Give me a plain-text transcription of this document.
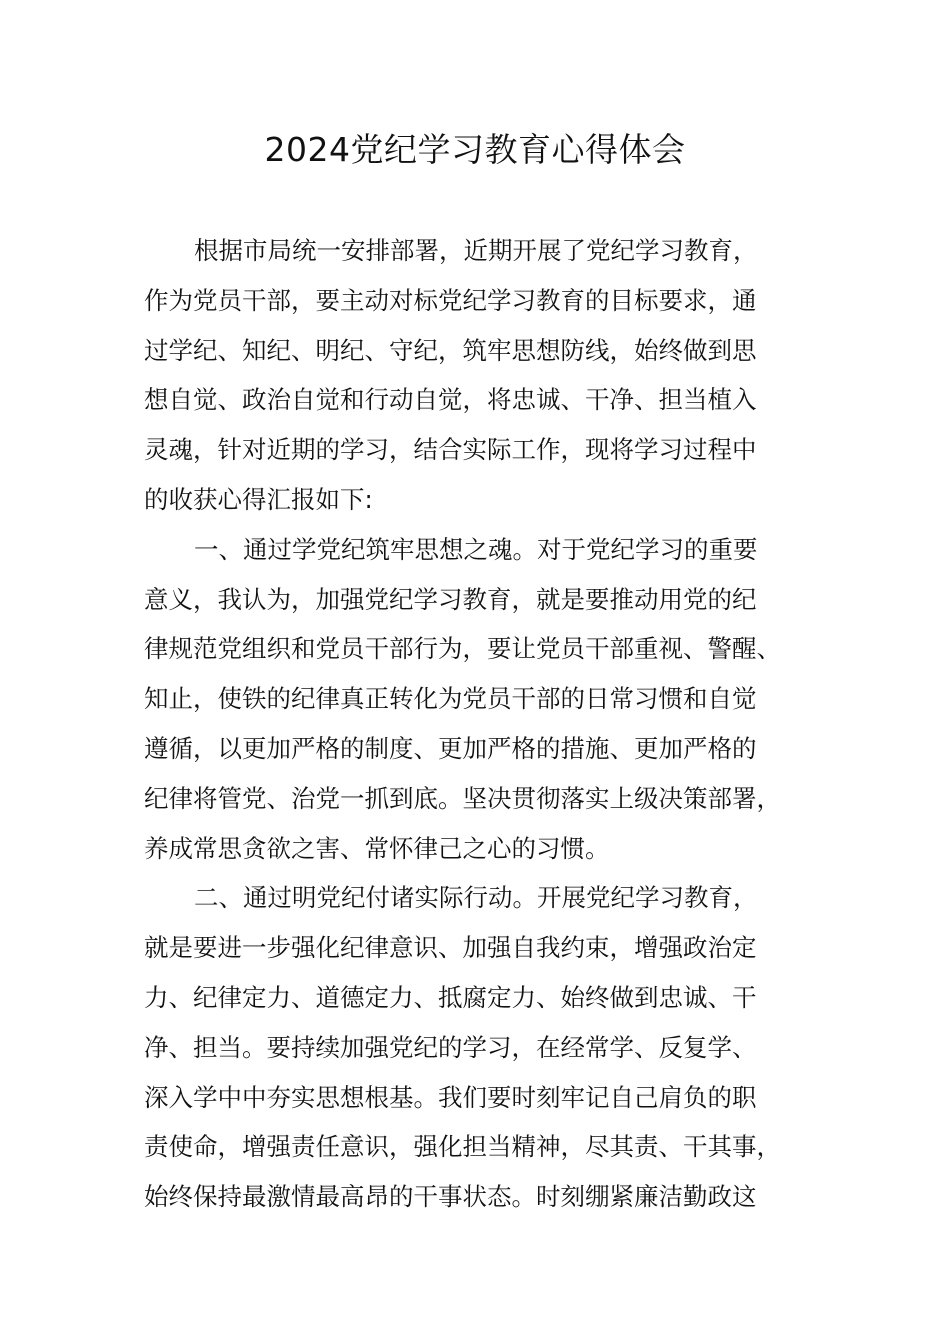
2024党纪学习教育心得体会
根据市局统一安排部署，近期开展了党纪学习教育，
作为党员干部，要主动对标党纪学习教育的目标要求，通
过学纪、知纪、明纪、守纪，筑牢思想防线，始终做到思
想自觉、政治自觉和行动自觉，将忠诚、干净、担当植入
灵魂，针对近期的学习，结合实际工作，现将学习过程中
的收获心得汇报如下:
一、通过学党纪筑牢思想之魂。对于党纪学习的重要
意义，我认为，加强党纪学习教育，就是要推动用党的纪
律规范党组织和党员干部行为，要让党员干部重视、警醒、
知止，使铁的纪律真正转化为党员干部的日常习惯和自觉
遵循，以更加严格的制度、更加严格的措施、更加严格的
纪律将管党、治党一抓到底。坚决贯彻落实上级决策部署，
养成常思贪欲之害、常怀律己之心的习惯。
二、通过明党纪付诸实际行动。开展党纪学习教育，
就是要进一步强化纪律意识、加强自我约束，增强政治定
力、纪律定力、道德定力、抵腐定力、始终做到忠诚、干
净、担当。要持续加强党纪的学习，在经常学、反复学、
深入学中中夯实思想根基。我们要时刻牢记自己肩负的职
责使命，增强责任意识，强化担当精神，尽其责、干其事，
始终保持最激情最高昂的干事状态。时刻绷紧廉洁勤政这
